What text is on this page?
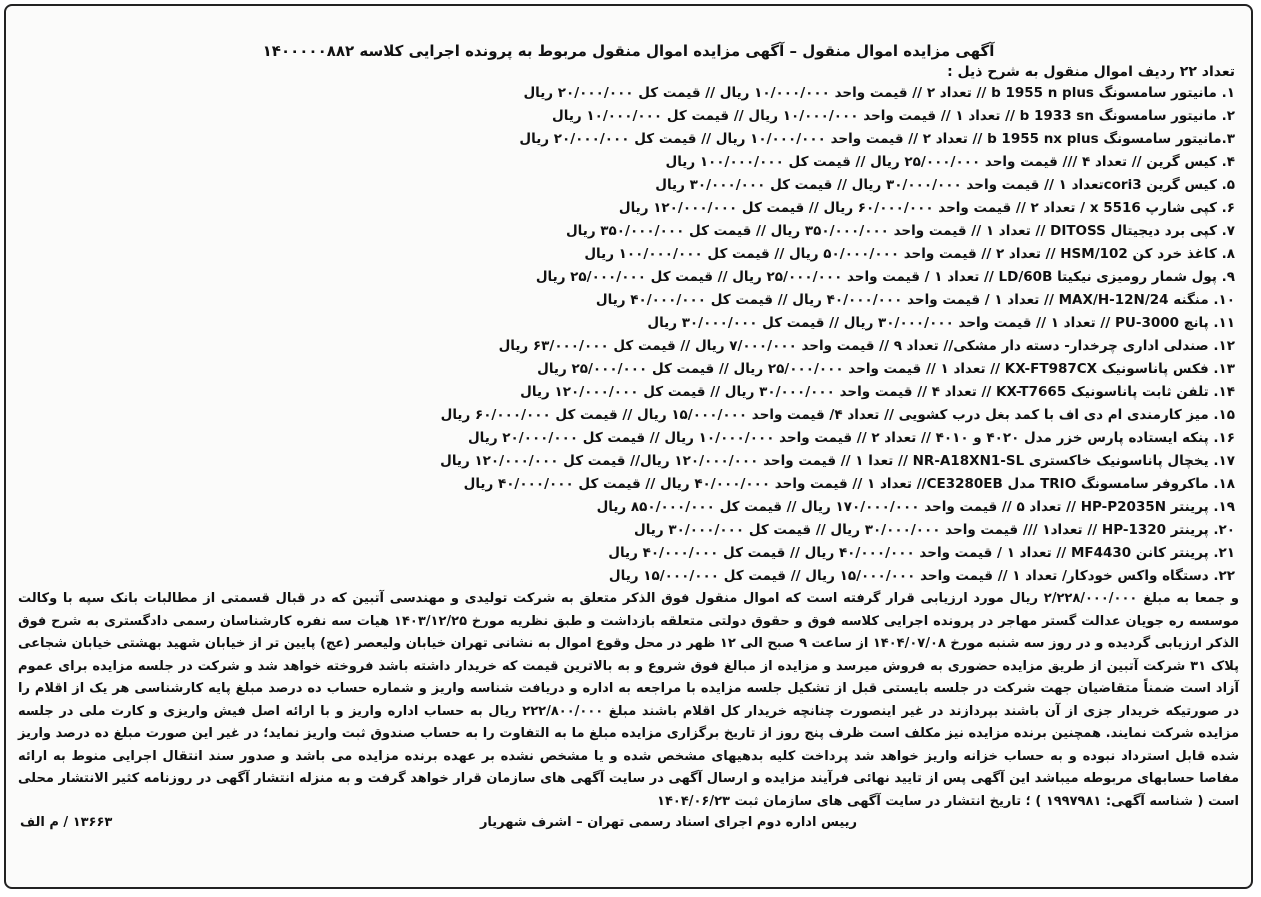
آگهی مزایده اموال منقول – آگهی مزایده اموال منقول مربوط به پرونده اجرایی کلاسه ۱۴۰۰۰۰۰۸۸۲
تعداد ۲۲ ردیف اموال منقول به شرح ذیل :
۱. مانیتور سامسونگ b 1955 n plus // تعداد ۲ // قیمت واحد ۱۰/۰۰۰/۰۰۰ ریال // قیمت کل ۲۰/۰۰۰/۰۰۰ ریال
۲. مانیتور سامسونگ b 1933 sn // تعداد ۱ // قیمت واحد ۱۰/۰۰۰/۰۰۰ ریال // قیمت کل ۱۰/۰۰۰/۰۰۰ ریال
۳.مانیتور سامسونگ b 1955 nx plus // تعداد ۲ // قیمت واحد ۱۰/۰۰۰/۰۰۰ ریال // قیمت کل ۲۰/۰۰۰/۰۰۰ ریال
۴. کیس گرین // تعداد ۴ /// قیمت واحد ۲۵/۰۰۰/۰۰۰ ریال // قیمت کل ۱۰۰/۰۰۰/۰۰۰ ریال
۵. کیس گرین cori3تعداد ۱ // قیمت واحد ۳۰/۰۰۰/۰۰۰ ریال // قیمت کل ۳۰/۰۰۰/۰۰۰ ریال
۶. کپی شارپ 5516 x / تعداد ۲ // قیمت واحد ۶۰/۰۰۰/۰۰۰ ریال // قیمت کل ۱۲۰/۰۰۰/۰۰۰ ریال
۷. کپی برد دیجیتال DITOSS // تعداد ۱ // قیمت واحد ۳۵۰/۰۰۰/۰۰۰ ریال // قیمت کل ۳۵۰/۰۰۰/۰۰۰ ریال
۸. کاغذ خرد کن HSM/102 // تعداد ۲ // قیمت واحد ۵۰/۰۰۰/۰۰۰ ریال // قیمت کل ۱۰۰/۰۰۰/۰۰۰ ریال
۹. پول شمار رومیزی نیکیتا LD/60B // تعداد ۱ / قیمت واحد ۲۵/۰۰۰/۰۰۰ ریال // قیمت کل ۲۵/۰۰۰/۰۰۰ ریال
۱۰. منگنه MAX/H-12N/24 // تعداد ۱ / قیمت واحد ۴۰/۰۰۰/۰۰۰ ریال // قیمت کل ۴۰/۰۰۰/۰۰۰ ریال
۱۱. پانچ PU-3000 // تعداد ۱ // قیمت واحد ۳۰/۰۰۰/۰۰۰ ریال // قیمت کل ۳۰/۰۰۰/۰۰۰ ریال
۱۲. صندلی اداری چرخدار- دسته دار مشکی// تعداد ۹ // قیمت واحد ۷/۰۰۰/۰۰۰ ریال // قیمت کل ۶۳/۰۰۰/۰۰۰ ریال
۱۳. فکس پاناسونیک KX-FT987CX // تعداد ۱ // قیمت واحد ۲۵/۰۰۰/۰۰۰ ریال // قیمت کل ۲۵/۰۰۰/۰۰۰ ریال
۱۴. تلفن ثابت پاناسونیک KX-T7665 // تعداد ۴ // قیمت واحد ۳۰/۰۰۰/۰۰۰ ریال // قیمت کل ۱۲۰/۰۰۰/۰۰۰ ریال
۱۵. میز کارمندی ام دی اف با کمد بغل درب کشویی // تعداد ۴/ قیمت واحد ۱۵/۰۰۰/۰۰۰ ریال // قیمت کل ۶۰/۰۰۰/۰۰۰ ریال
۱۶. پنکه ایستاده پارس خزر مدل ۴۰۲۰ و ۴۰۱۰ // تعداد ۲ // قیمت واحد ۱۰/۰۰۰/۰۰۰ ریال // قیمت کل ۲۰/۰۰۰/۰۰۰ ریال
۱۷. یخچال پاناسونیک خاکستری NR-A18XN1-SL // تعدا ۱ // قیمت واحد ۱۲۰/۰۰۰/۰۰۰ ریال// قیمت کل ۱۲۰/۰۰۰/۰۰۰ ریال
۱۸. ماکروفر سامسونگ TRIO مدل CE3280EB// تعداد ۱ // قیمت واحد ۴۰/۰۰۰/۰۰۰ ریال // قیمت کل ۴۰/۰۰۰/۰۰۰ ریال
۱۹. پرینتر HP-P2035N // تعداد ۵ // قیمت واحد ۱۷۰/۰۰۰/۰۰۰ ریال // قیمت کل ۸۵۰/۰۰۰/۰۰۰ ریال
۲۰. پرینتر HP-1320 // تعداد۱ /// قیمت واحد ۳۰/۰۰۰/۰۰۰ ریال // قیمت کل ۳۰/۰۰۰/۰۰۰ ریال
۲۱. پرینتر کانن MF4430 // تعداد ۱ / قیمت واحد ۴۰/۰۰۰/۰۰۰ ریال // قیمت کل ۴۰/۰۰۰/۰۰۰ ریال
۲۲. دستگاه واکس خودکار/ تعداد ۱ // قیمت واحد ۱۵/۰۰۰/۰۰۰ ریال // قیمت کل ۱۵/۰۰۰/۰۰۰ ریال
و جمعا به مبلغ ۲/۲۲۸/۰۰۰/۰۰۰ ریال مورد ارزیابی قرار گرفته است که اموال منقول فوق الذکر متعلق به شرکت تولیدی و مهندسی آتبین که در قبال قسمتی از مطالبات بانک سپه با وکالت موسسه ره جویان عدالت گستر مهاجر در پرونده اجرایی کلاسه فوق و حقوق دولتی متعلقه بازداشت و طبق نظریه مورخ ۱۴۰۳/۱۲/۲۵ هیات سه نفره کارشناسان رسمی دادگستری به شرح فوق الذکر ارزیابی گردیده و در روز سه شنبه مورخ ۱۴۰۴/۰۷/۰۸ از ساعت ۹ صبح الی ۱۲ ظهر در محل وقوع اموال به نشانی تهران خیابان ولیعصر (عج) پایین تر از خیابان شهید بهشتی خیابان شجاعی پلاک ۳۱ شرکت آتبین از طریق مزایده حضوری به فروش میرسد و مزایده از مبالغ فوق شروع و به بالاترین قیمت که خریدار داشته باشد فروخته خواهد شد و شرکت در جلسه مزایده برای عموم آزاد است ضمناً متقاضیان جهت شرکت در جلسه بایستی قبل از تشکیل جلسه مزایده با مراجعه به اداره و دریافت شناسه واریز و شماره حساب ده درصد مبلغ پایه کارشناسی هر یک از اقلام را در صورتیکه خریدار جزی از آن باشند بپردازند در غیر اینصورت چنانچه خریدار کل اقلام باشند مبلغ ۲۲۲/۸۰۰/۰۰۰ ریال به حساب اداره واریز و با ارائه اصل فیش واریزی و کارت ملی در جلسه مزایده شرکت نمایند. همچنین برنده مزایده نیز مکلف است ظرف پنج روز از تاریخ برگزاری مزایده مبلغ ما به التفاوت را به حساب صندوق ثبت واریز نماید؛ در غیر این صورت مبلغ ده درصد واریز شده قابل استرداد نبوده و به حساب خزانه واریز خواهد شد پرداخت کلیه بدهیهای مشخص شده و یا مشخص نشده بر عهده برنده مزایده می باشد و صدور سند انتقال اجرایی منوط به ارائه مفاصا حسابهای مربوطه میباشد این آگهی پس از تایید نهائی فرآیند مزایده و ارسال آگهی در سایت آگهی های سازمان قرار خواهد گرفت و به منزله انتشار آگهی در روزنامه کثیر الانتشار محلی است ( شناسه آگهی: ۱۹۹۷۹۸۱ ) ؛ تاریخ انتشار در سایت آگهی های سازمان ثبت ۱۴۰۴/۰۶/۲۳
رییس اداره دوم اجرای اسناد رسمی تهران – اشرف شهریار
۱۳۶۶۳ / م الف
